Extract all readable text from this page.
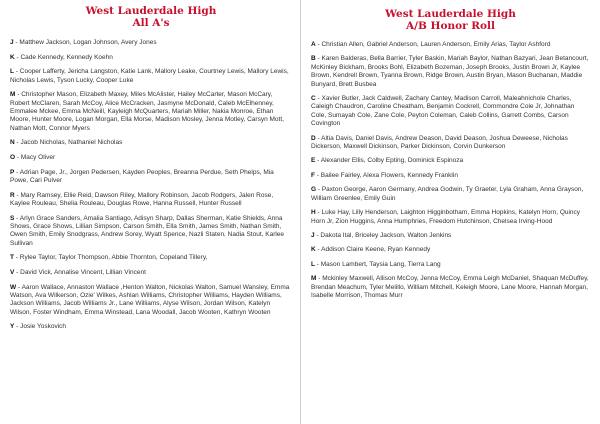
West Lauderdale High
All A's
J - Matthew Jackson, Logan Johnson, Avery Jones
K - Cade Kennedy, Kennedy Koehn
L - Cooper Lafferty, Jericha Langston, Katie Lank, Mallory Leake, Courtney Lewis, Mallory Lewis, Nicholas Lewis, Tyson Lucky, Cooper Luke
M - Christopher Mason, Elizabeth Maxey, Miles McAlister, Hailey McCarter, Mason McCary, Robert McClaren, Sarah McCoy, Alice McCracken, Jasmyne McDonald, Caleb McElhenney, Emmalee Mckee, Emma McNeill, Kayleigh McQuarters, Mariah Miller, Nakia Monroe, Ethan Moore, Hunter Moore, Logan Morgan, Ella Morse, Madison Mosley, Jenna Motley, Carsyn Mott, Nathan Mott, Connor Myers
N - Jacob Nicholas, Nathaniel Nicholas
O - Macy Oliver
P - Adrian Page, Jr., Jorgen Pedersen, Kayden Peoples, Breanna Perdue, Seth Phelps, Mia Powe, Cari Pulver
R - Mary Ramsey, Ellie Reid, Dawson Riley, Mallory Robinson, Jacob Rodgers, Jalen Rose, Kaylee Rouleau, Shelia Rouleau, Douglas Rowe, Hanna Russell, Hunter Russell
S - Arlyn Grace Sanders, Amalia Santiago, Adisyn Sharp, Dallas Sherman, Katie Shields, Anna Shows, Grace Shows, Lillian Simpson, Carson Smith, Ella Smith, James Smith, Nathan Smith, Owen Smith, Emily Snodgrass, Andrew Sorey, Wyatt Spence, Nazli Staten, Nadia Stout, Karlee Sullivan
T - Rylee Taylor, Taylor Thompson, Abbie Thornton, Copeland Tillery,
V - David Vick, Annalise Vincent, Lillian Vincent
W - Aaron Wallace, Annaston Wallace ,Henton Walton, Nickolas Walton, Samuel Wansley, Emma Watson, Ava Wilkerson, Ozie' Wilkes, Ashlan Williams, Christopher Williams, Hayden Williams, Jackson Williams, Jacob Williams Jr., Lane Williams, Alyse Wilson, Jordan Wilson, Katelyn Wilson, Foster Windham, Emma Winstead, Lana Woodall, Jacob Wooten, Kathryn Wooten
Y - Josie Yoskovich
West Lauderdale High
A/B Honor Roll
A - Christian Allen, Gabriel Anderson, Lauren Anderson, Emily Arias, Taylor Ashford
B - Karen Balderas, Bella Barrier, Tyler Baskin, Mariah Baylor, Nathan Bazyari, Jean Betancourt, McKinley Bickham, Brooks Bohl, Elizabeth Bozeman, Joseph Brooks, Justin Brown Jr, Kaylee Brown, Kendrell Brown, Tyanna Brown, Ridge Brown, Austin Bryan, Mason Buchanan, Maddie Bunyard, Brett Busbea
C - Xavier Butler, Jack Caldwell, Zachary Cantey, Madison Carroll, Maleahnichole Charles, Caleigh Chaudron, Caroline Cheatham, Benjamin Cockrell, Commondre Cole Jr, Johnathan Cole, Sumayah Cole, Zane Cole, Peyton Coleman, Caleb Collins, Garrett Combs, Carson Covington
D - Altia Davis, Daniel Davis, Andrew Deason, David Deason, Joshua Deweese, Nicholas Dickerson, Maxwell Dickinson, Parker Dickinson, Corvin Dunkerson
E - Alexander Ellis, Colby Epting, Dominick Espinoza
F - Bailee Fairley, Alexa Flowers, Kennedy Franklin
G - Paxton George, Aaron Germany, Andrea Godwin, Ty Graeter, Lyla Graham, Anna Grayson, William Greenlee, Emily Guin
H - Luke Hay, Lilly Henderson, Laighton Higginbotham, Emma Hopkins, Katelyn Horn, Quincy Horn Jr, Zion Huggins, Anna Humphries, Freedom Hutchinson, Chelsea Irving-Hood
J - Dakota Ital, Briceley Jackson, Walton Jenkins
K - Addison Claire Keene, Ryan Kennedy
L - Mason Lambert, Taysia Lang, Tierra Lang
M - Mckinley Maxwell, Allison McCoy, Jenna McCoy, Emma Leigh McDaniel, Shaquan McDuffey, Brendan Meachum, Tyler Melillo, William Mitchell, Keleigh Moore, Lane Moore, Hannah Morgan, Isabelle Morrison, Thomas Murr
